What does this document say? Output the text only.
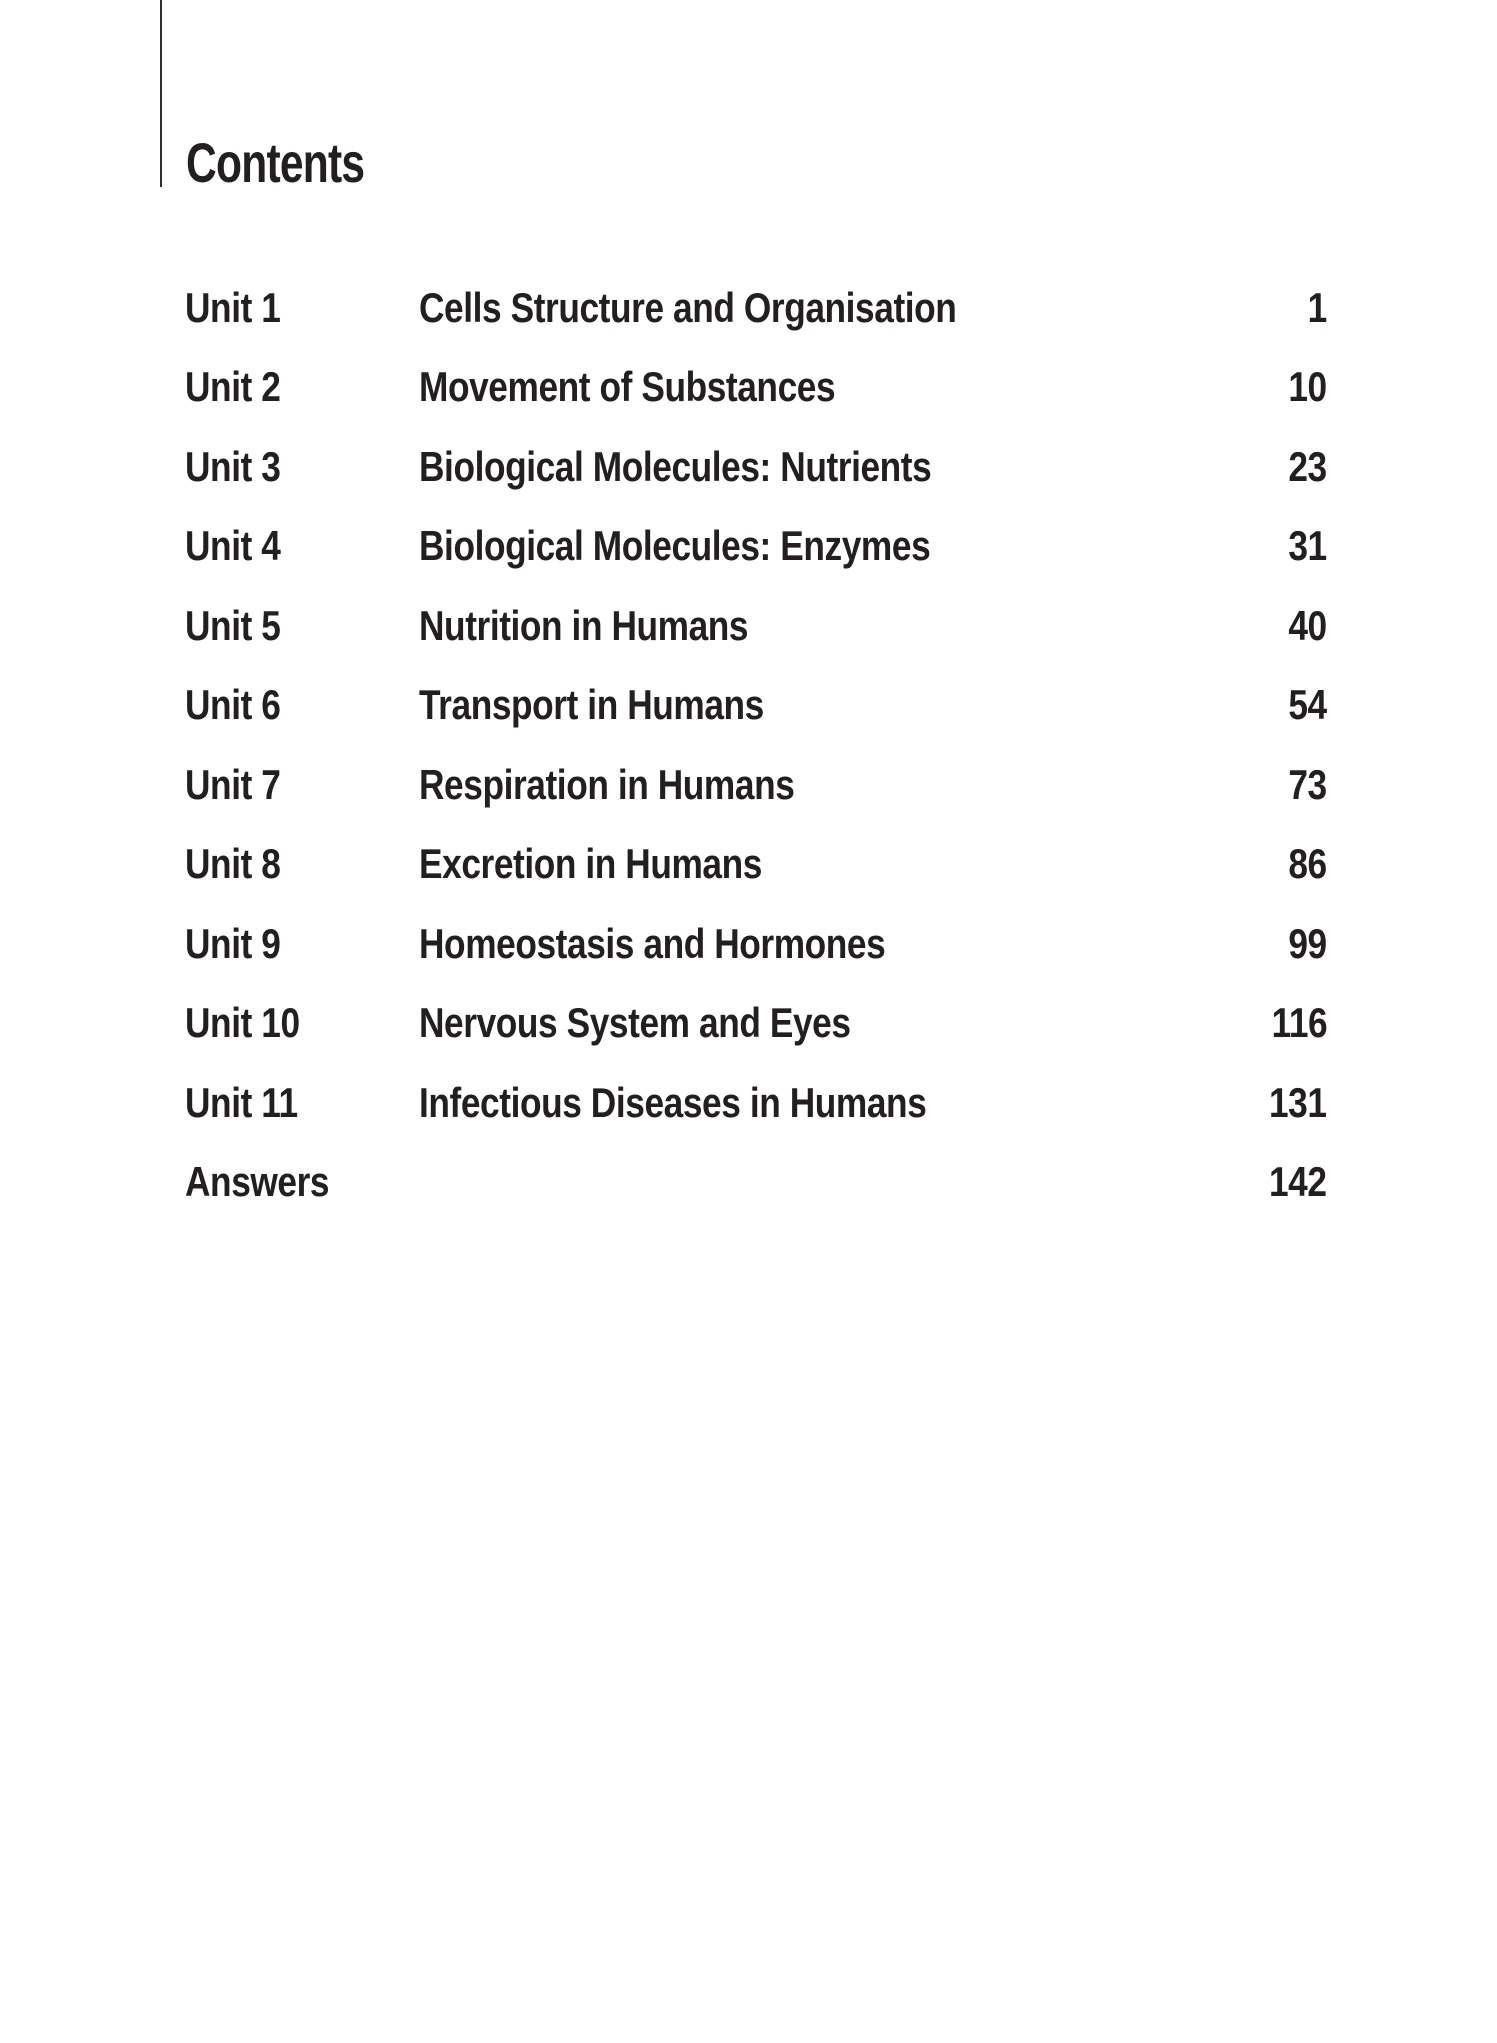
Contents
Unit 1	Cells Structure and Organisation	1
Unit 2	Movement of Substances	10
Unit 3	Biological Molecules: Nutrients	23
Unit 4	Biological Molecules: Enzymes	31
Unit 5	Nutrition in Humans	40
Unit 6	Transport in Humans	54
Unit 7	Respiration in Humans	73
Unit 8	Excretion in Humans	86
Unit 9	Homeostasis and Hormones	99
Unit 10	Nervous System and Eyes	116
Unit 11	Infectious Diseases in Humans	131
Answers	142
